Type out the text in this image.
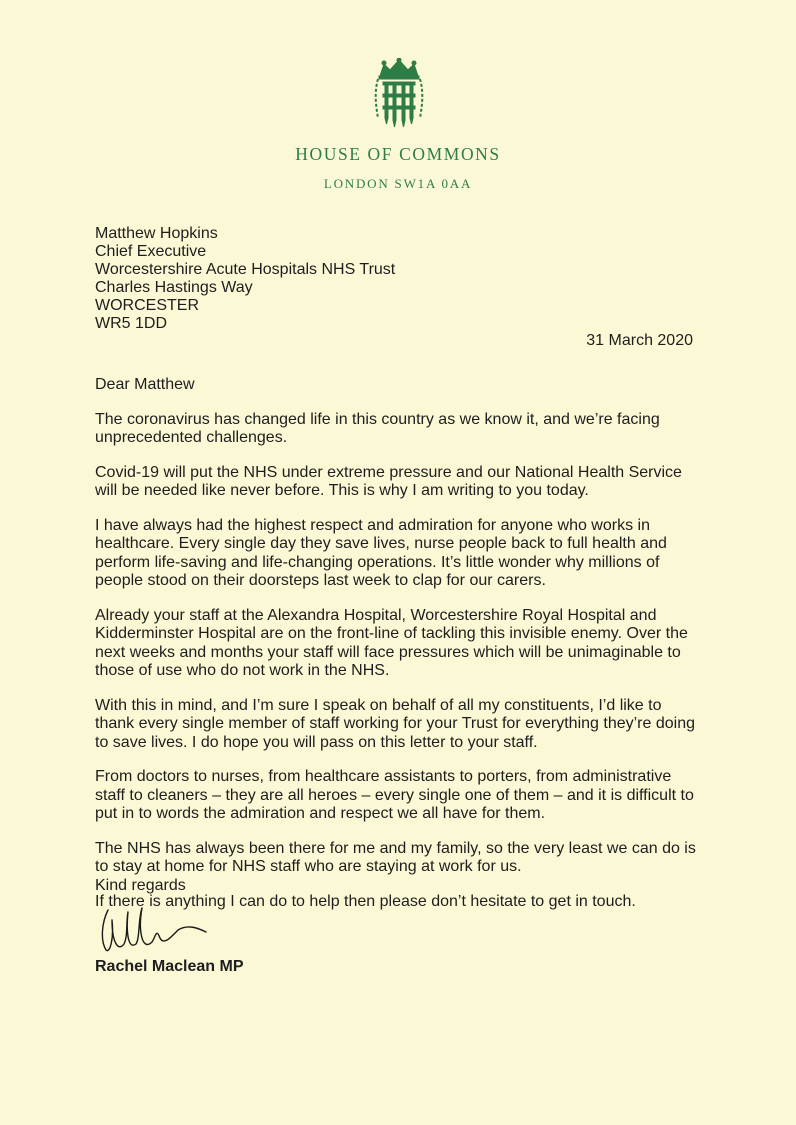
HOUSE OF COMMONS
LONDON SW1A 0AA
Matthew Hopkins
Chief Executive
Worcestershire Acute Hospitals NHS Trust
Charles Hastings Way
WORCESTER
WR5 1DD
31 March 2020

Dear Matthew

The coronavirus has changed life in this country as we know it, and we’re facing
unprecedented challenges.

Covid-19 will put the NHS under extreme pressure and our National Health Service
will be needed like never before. This is why I am writing to you today.

I have always had the highest respect and admiration for anyone who works in
healthcare. Every single day they save lives, nurse people back to full health and
perform life-saving and life-changing operations. It’s little wonder why millions of
people stood on their doorsteps last week to clap for our carers.

Already your staff at the Alexandra Hospital, Worcestershire Royal Hospital and
Kidderminster Hospital are on the front-line of tackling this invisible enemy. Over the
next weeks and months your staff will face pressures which will be unimaginable to
those of use who do not work in the NHS.

With this in mind, and I’m sure I speak on behalf of all my constituents, I’d like to
thank every single member of staff working for your Trust for everything they’re doing
to save lives. I do hope you will pass on this letter to your staff.

From doctors to nurses, from healthcare assistants to porters, from administrative
staff to cleaners – they are all heroes – every single one of them – and it is difficult to
put in to words the admiration and respect we all have for them.

The NHS has always been there for me and my family, so the very least we can do is
to stay at home for NHS staff who are staying at work for us.

If there is anything I can do to help then please don’t hesitate to get in touch.

Kind regards
Rachel Maclean MP
